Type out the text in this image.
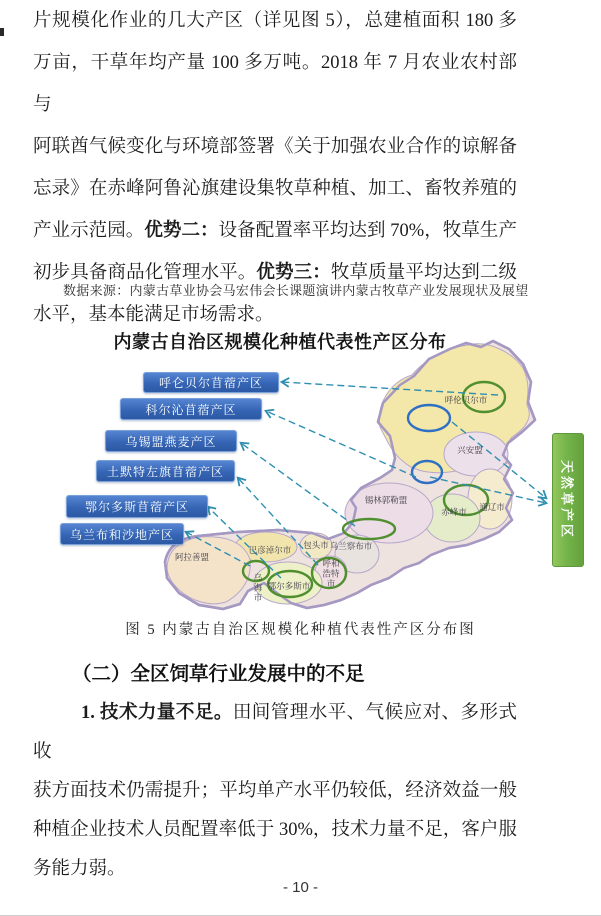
片规模化作业的几大产区（详见图 5），总建植面积 180 多
万亩，干草年均产量 100 多万吨。2018 年 7 月农业农村部与
阿联酋气候变化与环境部签署《关于加强农业合作的谅解备
忘录》在赤峰阿鲁沁旗建设集牧草种植、加工、畜牧养殖的
产业示范园。优势二：设备配置率平均达到 70%，牧草生产
初步具备商品化管理水平。优势三：牧草质量平均达到二级
水平，基本能满足市场需求。
数据来源：内蒙古草业协会马宏伟会长课题演讲内蒙古牧草产业发展现状及展望
内蒙古自治区规模化种植代表性产区分布
呼仑贝尔苜蓿产区
科尔沁苜蓿产区
乌锡盟燕麦产区
土默特左旗苜蓿产区
鄂尔多斯苜蓿产区
乌兰布和沙地产区	天然草产区
呼伦贝尔市
兴安盟
锡林郭勒盟
赤峰市 通辽市
乌兰察布市
包头市
巴彦淖尔市
阿拉善盟
乌海市
鄂尔多斯市
呼和浩特市
图 5 内蒙古自治区规模化种植代表性产区分布图
（二）全区饲草行业发展中的不足
1. 技术力量不足。田间管理水平、气候应对、多形式收
获方面技术仍需提升；平均单产水平仍较低，经济效益一般
种植企业技术人员配置率低于 30%，技术力量不足，客户服
务能力弱。
- 10 -
